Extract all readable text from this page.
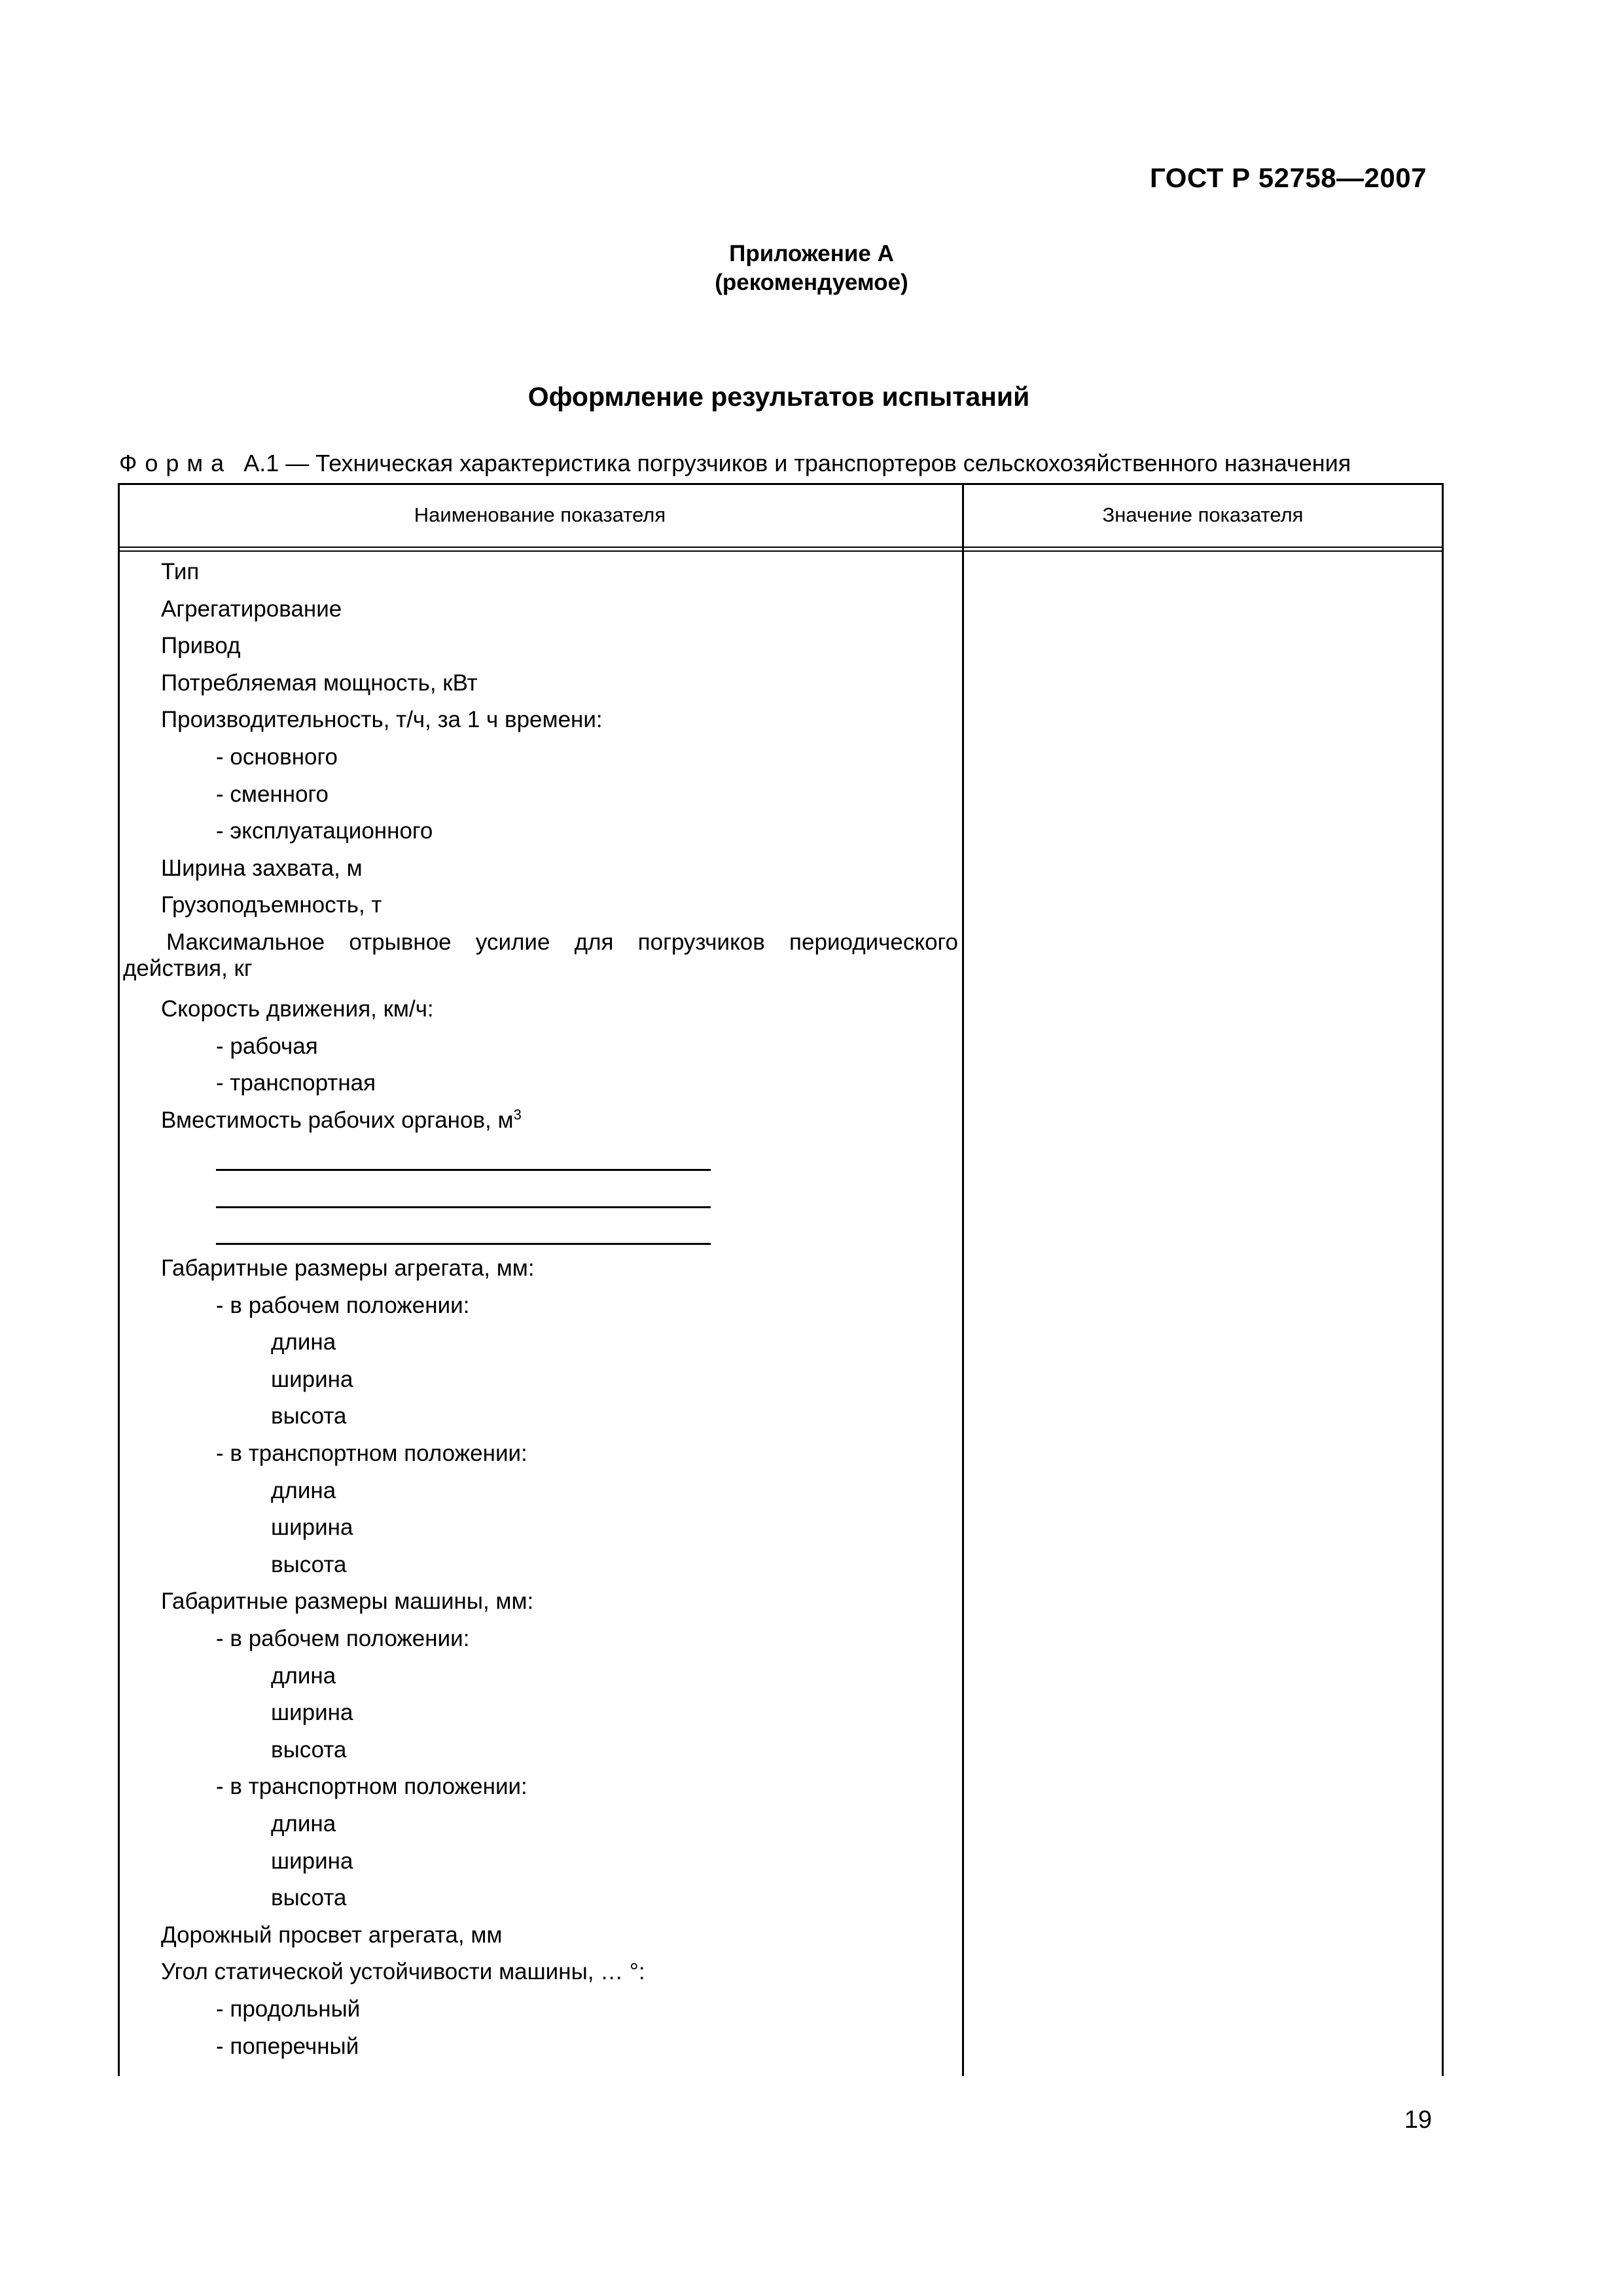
ГОСТ Р 52758—2007
Приложение А
(рекомендуемое)
Оформление результатов испытаний
Форма А.1 — Техническая характеристика погрузчиков и транспортеров сельскохозяйственного назначения
Наименование показателя	Значение показателя
Тип
Агрегатирование
Привод
Потребляемая мощность, кВт
Производительность, т/ч, за 1 ч времени:
- основного
- сменного
- эксплуатационного
Ширина захвата, м
Грузоподъемность, т
Максимальное отрывное усилие для погрузчиков периодического действия, кг
Скорость движения, км/ч:
- рабочая
- транспортная
Вместимость рабочих органов, $м^3$
Габаритные размеры агрегата, мм:
- в рабочем положении:
длина
ширина
высота
- в транспортном положении:
длина
ширина
высота
Габаритные размеры машины, мм:
- в рабочем положении:
длина
ширина
высота
- в транспортном положении:
длина
ширина
высота
Дорожный просвет агрегата, мм
Угол статической устойчивости машины, … °:
- продольный
- поперечный
19
